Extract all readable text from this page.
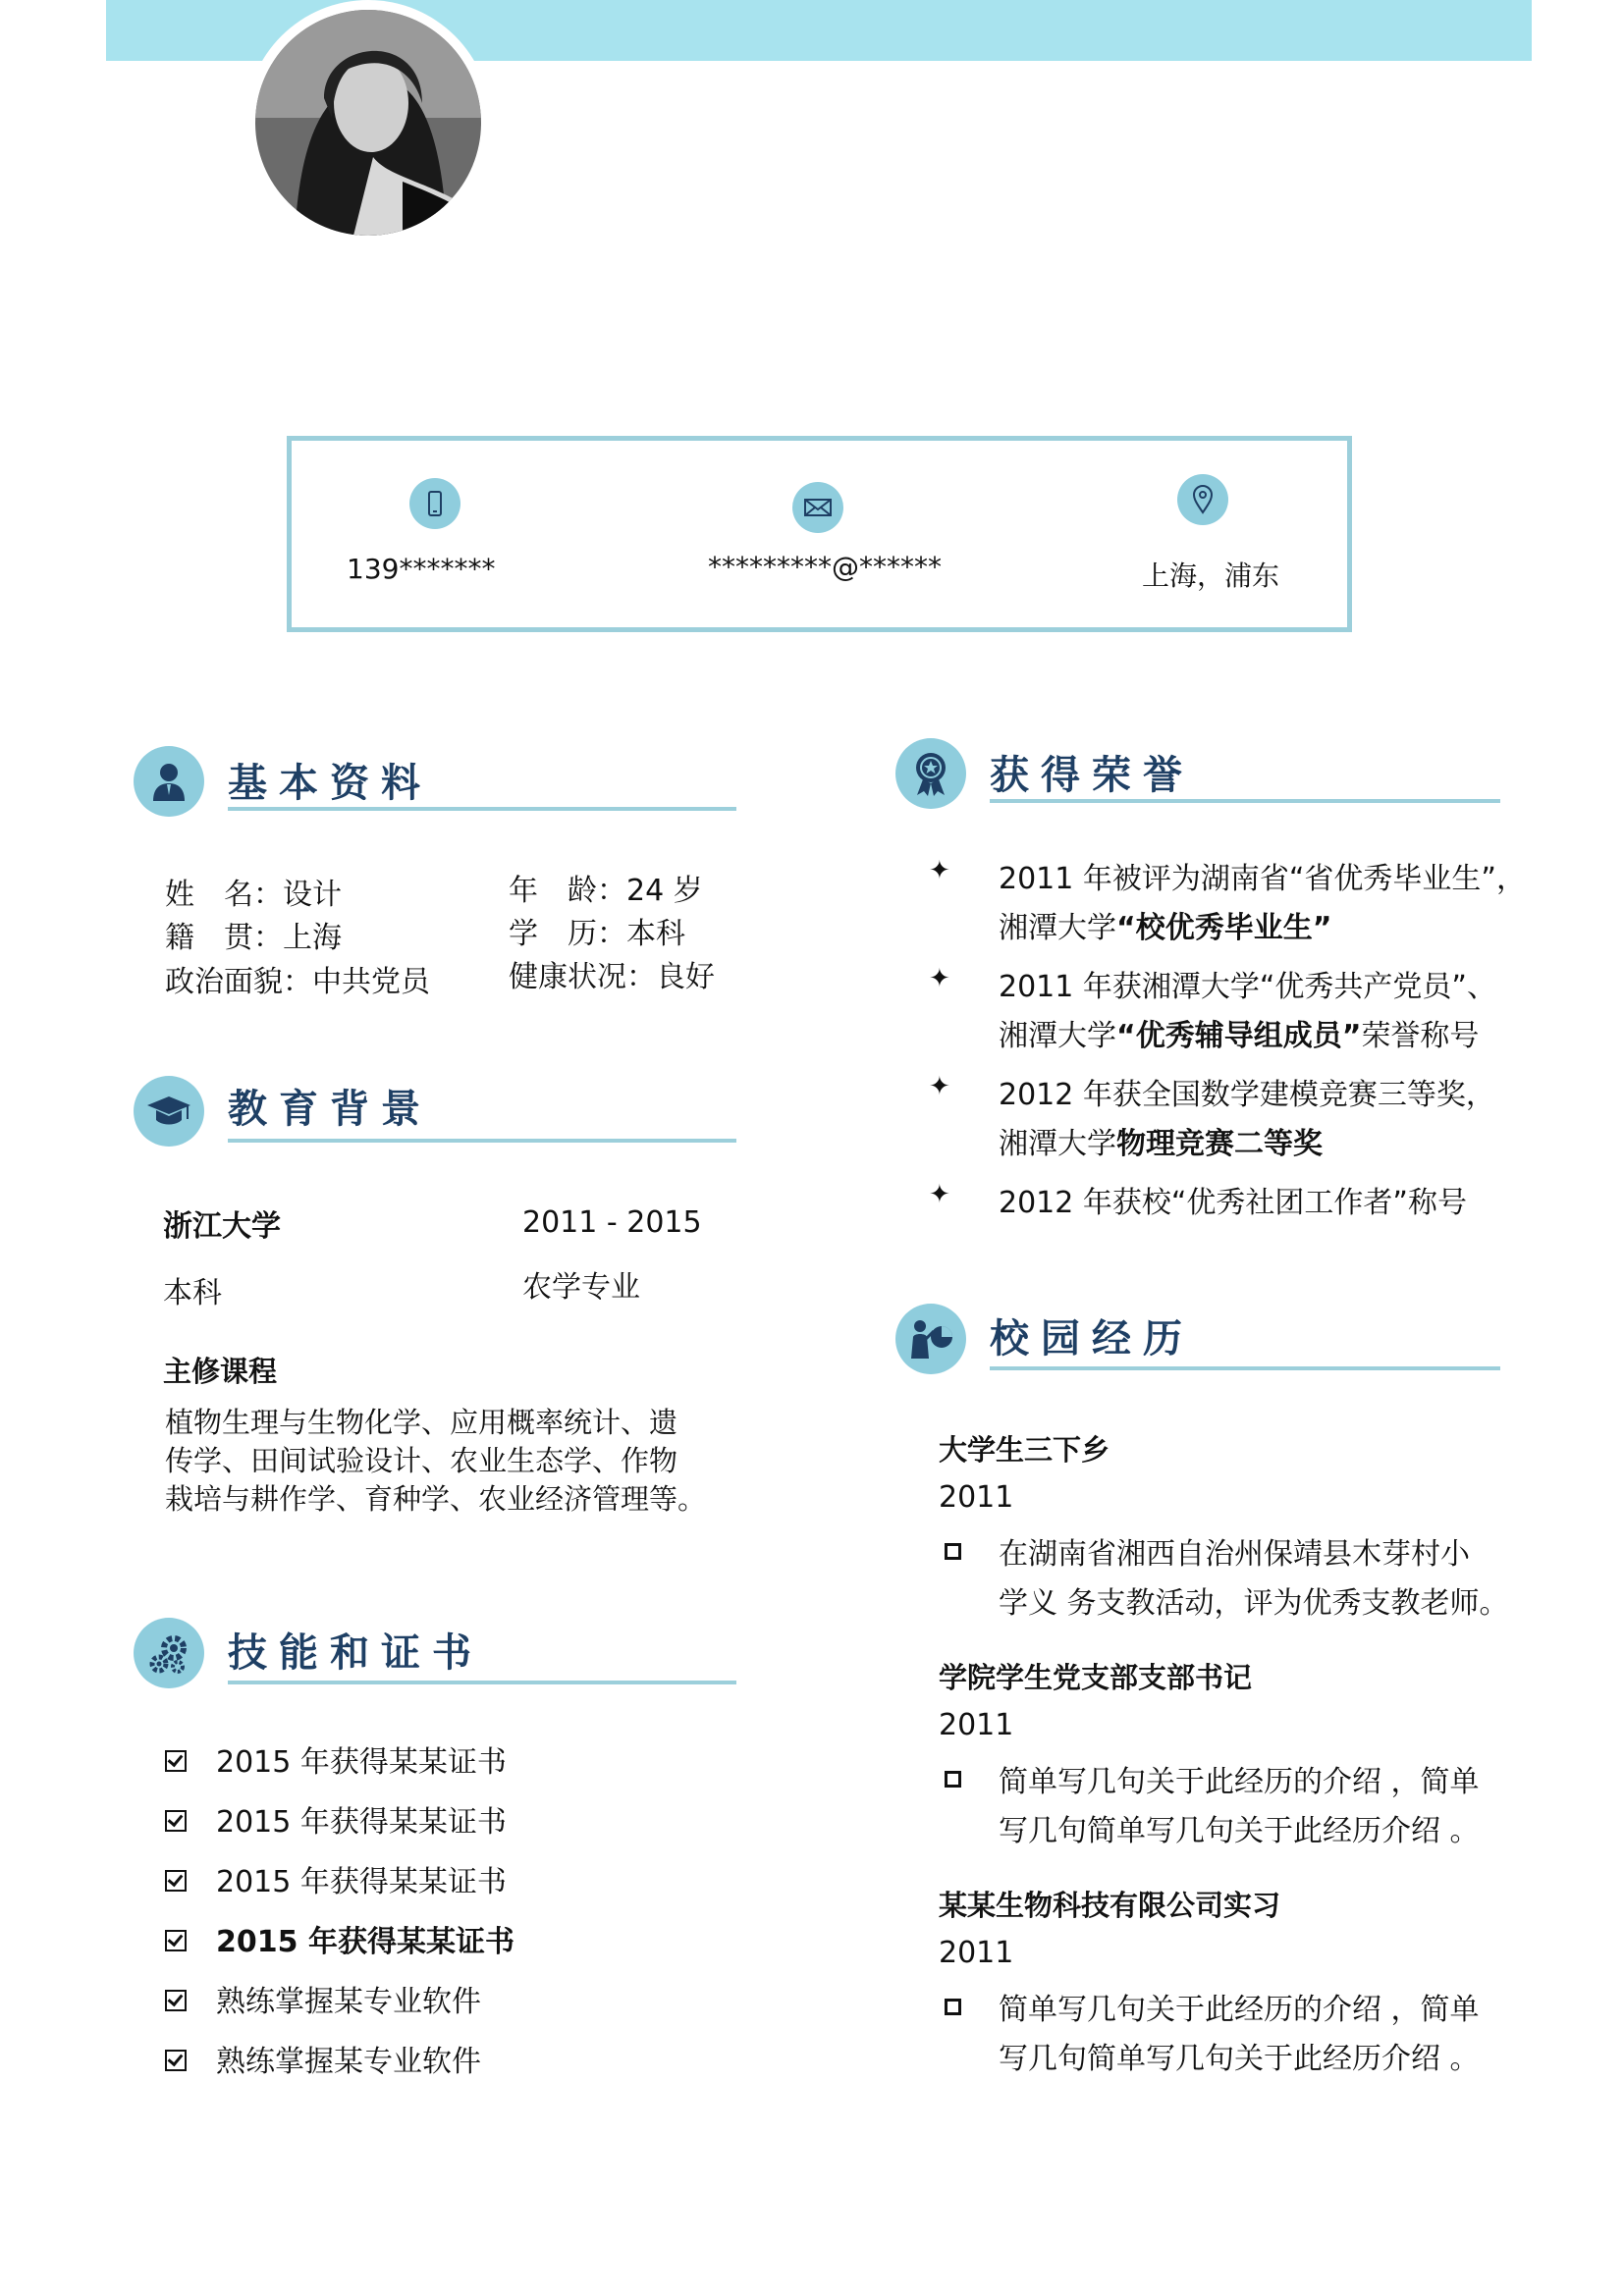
139*******	*********@******	上海，浦东
基本资料
姓　名：设计	年　龄：24 岁
籍　贯：上海	学　历：本科
政治面貌：中共党员	健康状况：良好
教育背景
浙江大学	2011 - 2015
本科	农学专业
主修课程
植物生理与生物化学、应用概率统计、遗
传学、田间试验设计、农业生态学、作物
栽培与耕作学、育种学、农业经济管理等。
技能和证书
2015 年获得某某证书
2015 年获得某某证书
2015 年获得某某证书
2015 年获得某某证书
熟练掌握某专业软件
熟练掌握某专业软件
获得荣誉
✦ 2011 年被评为湖南省“省优秀毕业生”，
湘潭大学“校优秀毕业生”
✦ 2011 年获湘潭大学“优秀共产党员”、
湘潭大学“优秀辅导组成员”荣誉称号
✦ 2012 年获全国数学建模竞赛三等奖，
湘潭大学物理竞赛二等奖
✦ 2012 年获校“优秀社团工作者”称号
校园经历
大学生三下乡
2011
在湖南省湘西自治州保靖县木芽村小
学义 务支教活动，评为优秀支教老师。
学院学生党支部支部书记
2011
简单写几句关于此经历的介绍 ，简单
写几句简单写几句关于此经历介绍 。
某某生物科技有限公司实习
2011
简单写几句关于此经历的介绍 ，简单
写几句简单写几句关于此经历介绍 。
